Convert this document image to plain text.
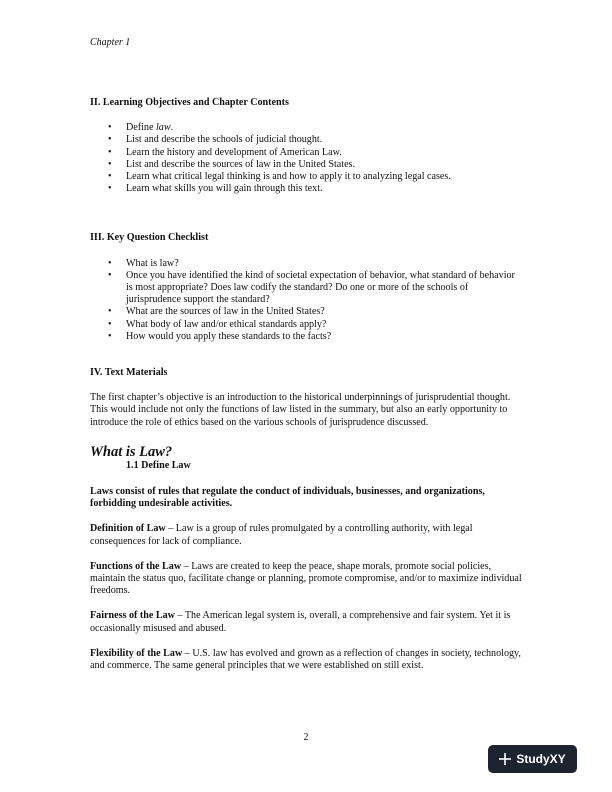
Chapter 1
II. Learning Objectives and Chapter Contents
• Define law.
• List and describe the schools of judicial thought.
• Learn the history and development of American Law.
• List and describe the sources of law in the United States.
• Learn what critical legal thinking is and how to apply it to analyzing legal cases.
• Learn what skills you will gain through this text.
III. Key Question Checklist
• What is law?
• Once you have identified the kind of societal expectation of behavior, what standard of behavior is most appropriate? Does law codify the standard? Do one or more of the schools of jurisprudence support the standard?
• What are the sources of law in the United States?
• What body of law and/or ethical standards apply?
• How would you apply these standards to the facts?
IV. Text Materials

The first chapter’s objective is an introduction to the historical underpinnings of jurisprudential thought. This would include not only the functions of law listed in the summary, but also an early opportunity to introduce the role of ethics based on the various schools of jurisprudence discussed.

What is Law?

1.1 Define Law

Laws consist of rules that regulate the conduct of individuals, businesses, and organizations, forbidding undesirable activities.

Definition of Law – Law is a group of rules promulgated by a controlling authority, with legal consequences for lack of compliance.

Functions of the Law – Laws are created to keep the peace, shape morals, promote social policies, maintain the status quo, facilitate change or planning, promote compromise, and/or to maximize individual freedoms.

Fairness of the Law – The American legal system is, overall, a comprehensive and fair system. Yet it is occasionally misused and abused.

Flexibility of the Law – U.S. law has evolved and grown as a reflection of changes in society, technology, and commerce. The same general principles that we were established on still exist.

2
StudyXY
